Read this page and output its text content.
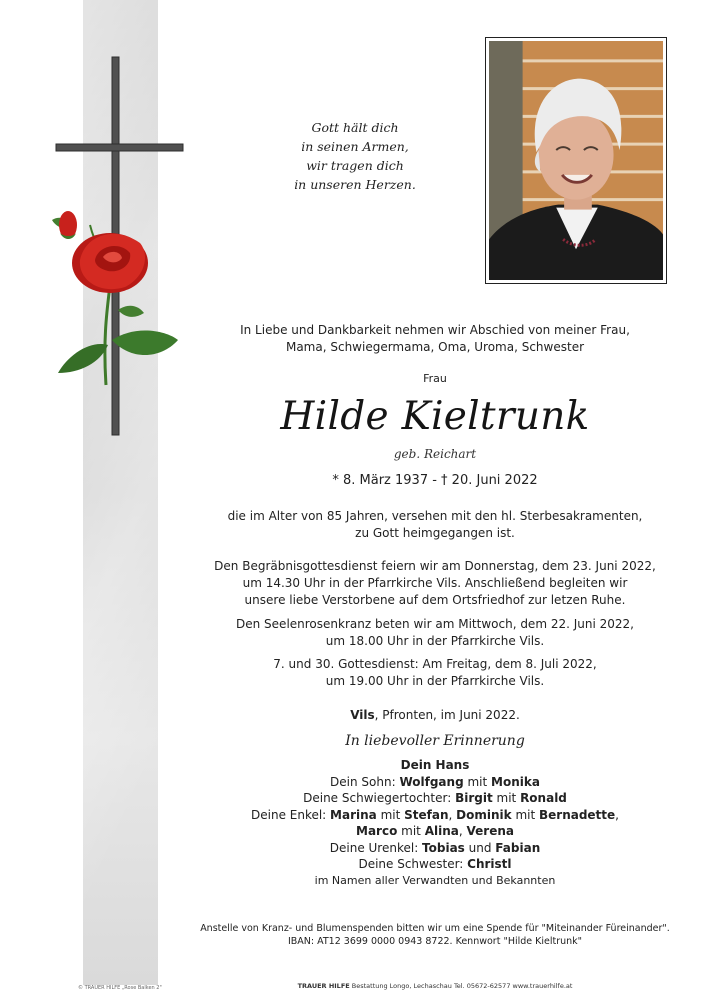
Gott hält dich
in seinen Armen,
wir tragen dich
in unseren Herzen.
In Liebe und Dankbarkeit nehmen wir Abschied von meiner Frau,
Mama, Schwiegermama, Oma, Uroma, Schwester
Frau
Hilde Kieltrunk
geb. Reichart
* 8. März 1937 - † 20. Juni 2022
die im Alter von 85 Jahren, versehen mit den hl. Sterbesakramenten,
zu Gott heimgegangen ist.
Den Begräbnisgottesdienst feiern wir am Donnerstag, dem 23. Juni 2022,
um 14.30 Uhr in der Pfarrkirche Vils. Anschließend begleiten wir
unsere liebe Verstorbene auf dem Ortsfriedhof zur letzen Ruhe.
Den Seelenrosenkranz beten wir am Mittwoch, dem 22. Juni 2022,
um 18.00 Uhr in der Pfarrkirche Vils.
7. und 30. Gottesdienst: Am Freitag, dem 8. Juli 2022,
um 19.00 Uhr in der Pfarrkirche Vils.
Vils, Pfronten, im Juni 2022.
In liebevoller Erinnerung
Dein Hans
Dein Sohn: Wolfgang mit Monika
Deine Schwiegertochter: Birgit mit Ronald
Deine Enkel: Marina mit Stefan, Dominik mit Bernadette,
Marco mit Alina, Verena
Deine Urenkel: Tobias und Fabian
Deine Schwester: Christl
im Namen aller Verwandten und Bekannten
Anstelle von Kranz- und Blumenspenden bitten wir um eine Spende für "Miteinander Füreinander".
IBAN: AT12 3699 0000 0943 8722. Kennwort "Hilde Kieltrunk"
© TRAUER HILFE „Rose Balken 2"	TRAUER HILFE Bestattung Longo, Lechaschau Tel. 05672-62577 www.trauerhilfe.at
